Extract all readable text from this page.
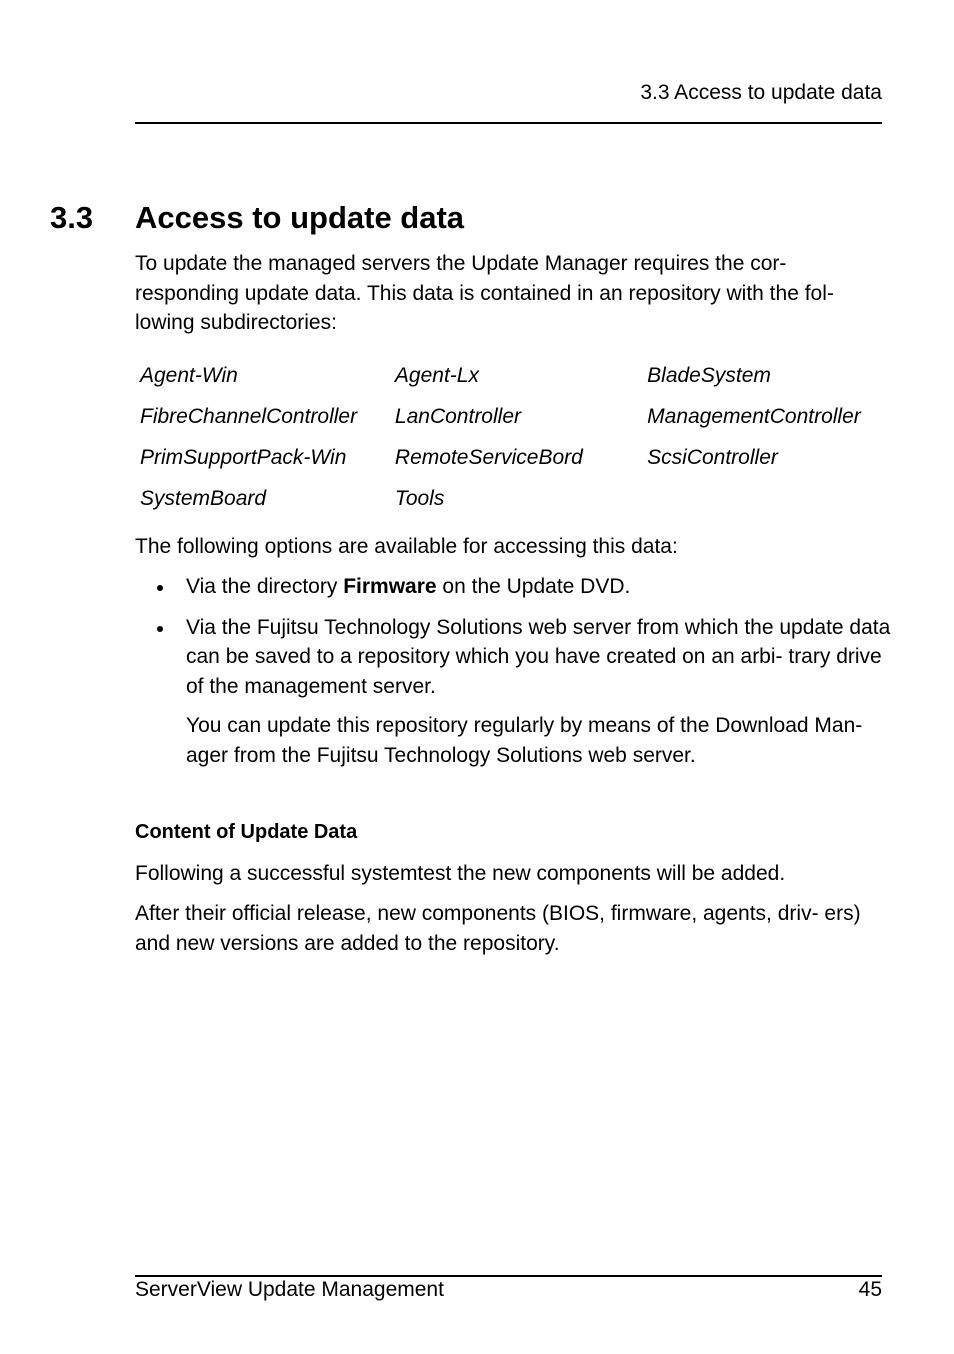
3.3 Access to update data
3.3 Access to update data

To update the managed servers the Update Manager requires the cor- responding update data. This data is contained in an repository with the fol- lowing subdirectories:

Agent-Win	Agent-Lx	BladeSystem
FibreChannelController	LanController	ManagementController
PrimSupportPack-Win	RemoteServiceBord	ScsiController
SystemBoard	Tools	

The following options are available for accessing this data:

Via the directory Firmware on the Update DVD.
Via the Fujitsu Technology Solutions web server from which the update data can be saved to a repository which you have created on an arbi- trary drive of the management server.
You can update this repository regularly by means of the Download Man- ager from the Fujitsu Technology Solutions web server.

Content of Update Data

Following a successful systemtest the new components will be added.

After their official release, new components (BIOS, firmware, agents, driv- ers) and new versions are added to the repository.

ServerView Update Management	45
